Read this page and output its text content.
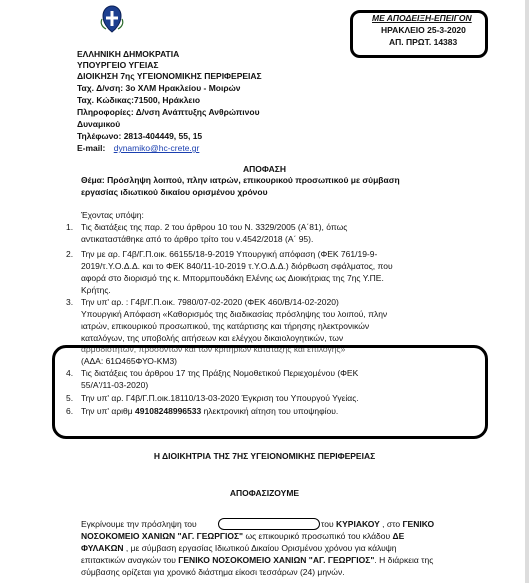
ΜΕ ΑΠΟΔΕΙΞΗ-ΕΠΕΙΓΟΝ
ΗΡΑΚΛΕΙΟ 25-3-2020
ΑΠ. ΠΡΩΤ. 14383
ΕΛΛΗΝΙΚΗ ΔΗΜΟΚΡΑΤΙΑ
ΥΠΟΥΡΓΕΙΟ ΥΓΕΙΑΣ
ΔΙΟΙΚΗΣΗ 7ης ΥΓΕΙΟΝΟΜΙΚΗΣ ΠΕΡΙΦΕΡΕΙΑΣ
Ταχ. Δ/νση: 3ο ΧΛΜ Ηρακλείου - Μοιρών
Ταχ. Κώδικας:71500, Ηράκλειο
Πληροφορίες: Δ/νση Ανάπτυξης Ανθρώπινου
Δυναμικού
Τηλέφωνο: 2813-404449, 55, 15
E-mail: dynamiko@hc-crete.gr
ΑΠΟΦΑΣΗ
Θέμα: Πρόσληψη λοιπού, πλην ιατρών, επικουρικού προσωπικού με σύμβαση
εργασίας ιδιωτικού δικαίου ορισμένου χρόνου
Έχοντας υπόψη:
1. Τις διατάξεις της παρ. 2 του άρθρου 10 του Ν. 3329/2005 (Α΄81), όπως
αντικαταστάθηκε από το άρθρο τρίτο του ν.4542/2018 (Α΄ 95).
2. Την με αρ. Γ4β/Γ.Π.οικ. 66155/18-9-2019 Υπουργική απόφαση (ΦΕΚ 761/19-9-
2019/τ.Υ.Ο.Δ.Δ. και το ΦΕΚ 840/11-10-2019 τ.Υ.Ο.Δ.Δ.) διόρθωση σφάλματος, που
αφορά στο διορισμό της κ. Μπορμπουδάκη Ελένης ως Διοικήτριας της 7ης Υ.ΠΕ.
Κρήτης.
3. Την υπ' αρ. : Γ4β/Γ.Π.οικ. 7980/07-02-2020 (ΦΕΚ 460/Β/14-02-2020)
Υπουργική Απόφαση «Καθορισμός της διαδικασίας πρόσληψης του λοιπού, πλην
ιατρών, επικουρικού προσωπικού, της κατάρτισης και τήρησης ηλεκτρονικών
καταλόγων, της υποβολής αιτήσεων και ελέγχου δικαιολογητικών, των
αρμοδιοτήτων, προσόντων και των κριτηρίων κατάταξης και επιλογής»
(ΑΔΑ: 61Ω465ΦΥΟ-ΚΜ3)
4. Τις διατάξεις του άρθρου 17 της Πράξης Νομοθετικού Περιεχομένου (ΦΕΚ
55/Α'/11-03-2020)
5. Την υπ' αρ. Γ4β/Γ.Π.οικ.18110/13-03-2020 Έγκριση του Υπουργού Υγείας.
6. Την υπ' αριθμ 49108248996533 ηλεκτρονική αίτηση του υποψηφίου.
Η ΔΙΟΙΚΗΤΡΙΑ ΤΗΣ 7ΗΣ ΥΓΕΙΟΝΟΜΙΚΗΣ ΠΕΡΙΦΕΡΕΙΑΣ
ΑΠΟΦΑΣΙΖΟΥΜΕ
Εγκρίνουμε την πρόσληψη του	του ΚΥΡΙΑΚΟΥ , στο ΓΕΝΙΚΟ
ΝΟΣΟΚΟΜΕΙΟ ΧΑΝΙΩΝ "ΑΓ. ΓΕΩΡΓΙΟΣ" ως επικουρικό προσωπικό του κλάδου ΔΕ
ΦΥΛΑΚΩΝ , με σύμβαση εργασίας Ιδιωτικού Δικαίου Ορισμένου χρόνου για κάλυψη
επιτακτικών αναγκών του ΓΕΝΙΚΟ ΝΟΣΟΚΟΜΕΙΟ ΧΑΝΙΩΝ "ΑΓ. ΓΕΩΡΓΙΟΣ". Η διάρκεια της
σύμβασης ορίζεται για χρονικό διάστημα είκοσι τεσσάρων (24) μηνών.
